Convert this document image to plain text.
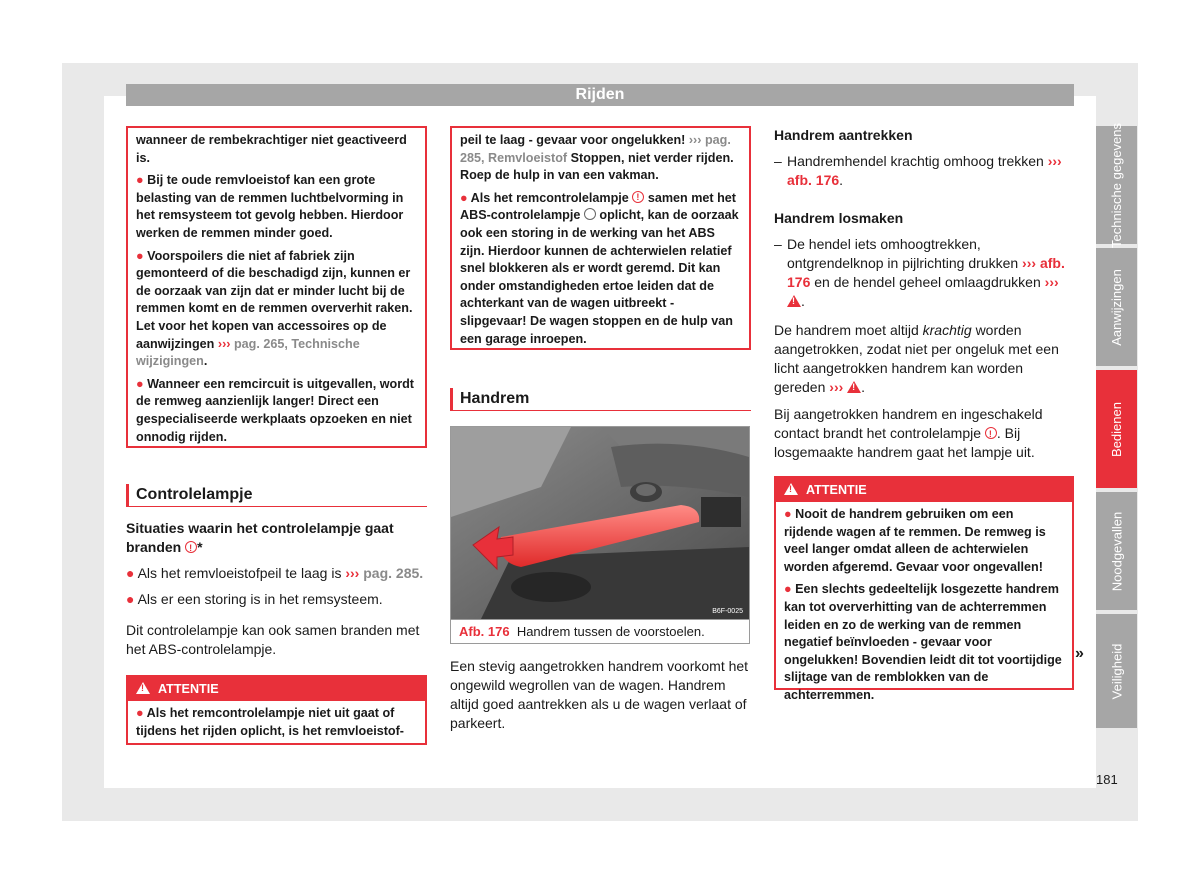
Rijden

wanneer de rembekrachtiger niet geactiveerd is.

● Bij te oude remvloeistof kan een grote belasting van de remmen luchtbelvorming in het remsysteem tot gevolg hebben. Hierdoor werken de remmen minder goed.

● Voorspoilers die niet af fabriek zijn gemonteerd of die beschadigd zijn, kunnen er de oorzaak van zijn dat er minder lucht bij de remmen komt en de remmen oververhit raken. Let voor het kopen van accessoires op de aanwijzingen ››› pag. 265, Technische wijzigingen.

● Wanneer een remcircuit is uitgevallen, wordt de remweg aanzienlijk langer! Direct een gespecialiseerde werkplaats opzoeken en niet onnodig rijden.

Controlelampje
Situaties waarin het controlelampje gaat branden ! *
● Als het remvloeistofpeil te laag is ››› pag. 285.
● Als er een storing is in het remsysteem.
Dit controlelampje kan ook samen branden met het ABS-controlelampje.
!ATTENTIE
● Als het remcontrolelampje niet uit gaat of tijdens het rijden oplicht, is het remvloeistof-

peil te laag - gevaar voor ongelukken! ››› pag. 285, Remvloeistof Stoppen, niet verder rijden. Roep de hulp in van een vakman.

● Als het remcontrolelampje ! samen met het ABS-controlelampje oplicht, kan de oorzaak ook een storing in de werking van het ABS zijn. Hierdoor kunnen de achterwielen relatief snel blokkeren als er wordt geremd. Dit kan onder omstandigheden ertoe leiden dat de achterkant van de wagen uitbreekt - slipgevaar! De wagen stoppen en de hulp van een garage inroepen.

Handrem
B6F-0025
Afb. 176 Handrem tussen de voorstoelen.
Een stevig aangetrokken handrem voorkomt het ongewild wegrollen van de wagen. Handrem altijd goed aantrekken als u de wagen verlaat of parkeert.
Handrem aantrekken
– Handremhendel krachtig omhoog trekken ››› afb. 176.
Handrem losmaken
– De hendel iets omhoogtrekken, ontgrendelknop in pijlrichting drukken ››› afb. 176 en de hendel geheel omlaagdrukken ››› !.
De handrem moet altijd krachtig worden aangetrokken, zodat niet per ongeluk met een licht aangetrokken handrem kan worden gereden ››› ! .
Bij aangetrokken handrem en ingeschakeld contact brandt het controlelampje ! . Bij losgemaakte handrem gaat het lampje uit.
!ATTENTIE

● Nooit de handrem gebruiken om een rijdende wagen af te remmen. De remweg is veel langer omdat alleen de achterwielen worden afgeremd. Gevaar voor ongevallen!

● Een slechts gedeeltelijk losgezette handrem kan tot oververhitting van de achterremmen leiden en zo de werking van de remmen negatief beïnvloeden - gevaar voor ongelukken! Bovendien leidt dit tot voortijdige slijtage van de remblokken van de achterremmen.

»
Technische gegevens
Aanwijzingen
Bedienen
Noodgevallen
Veiligheid
181
